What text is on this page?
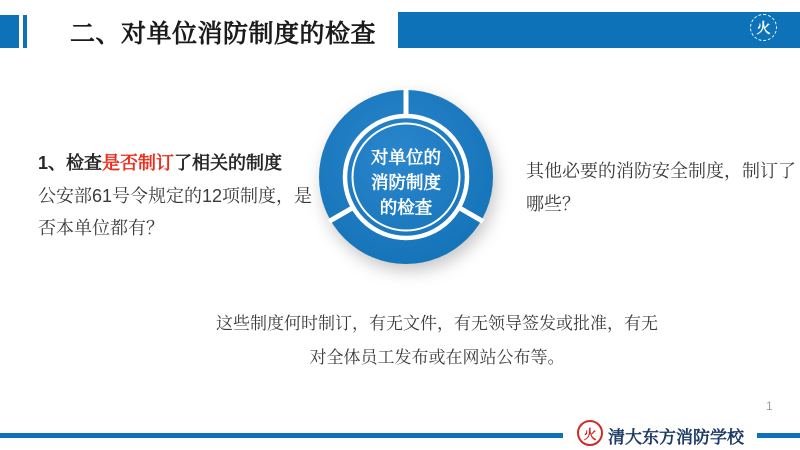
二、对单位消防制度的检查	火
1、检查是否制订了相关的制度
公安部61号令规定的12项制度，是
否本单位都有？
对单位的
消防制度
的检查
其他必要的消防安全制度，制订了
哪些？
这些制度何时制订，有无文件，有无领导签发或批准，有无
对全体员工发布或在网站公布等。
火 清大东方消防学校
1
